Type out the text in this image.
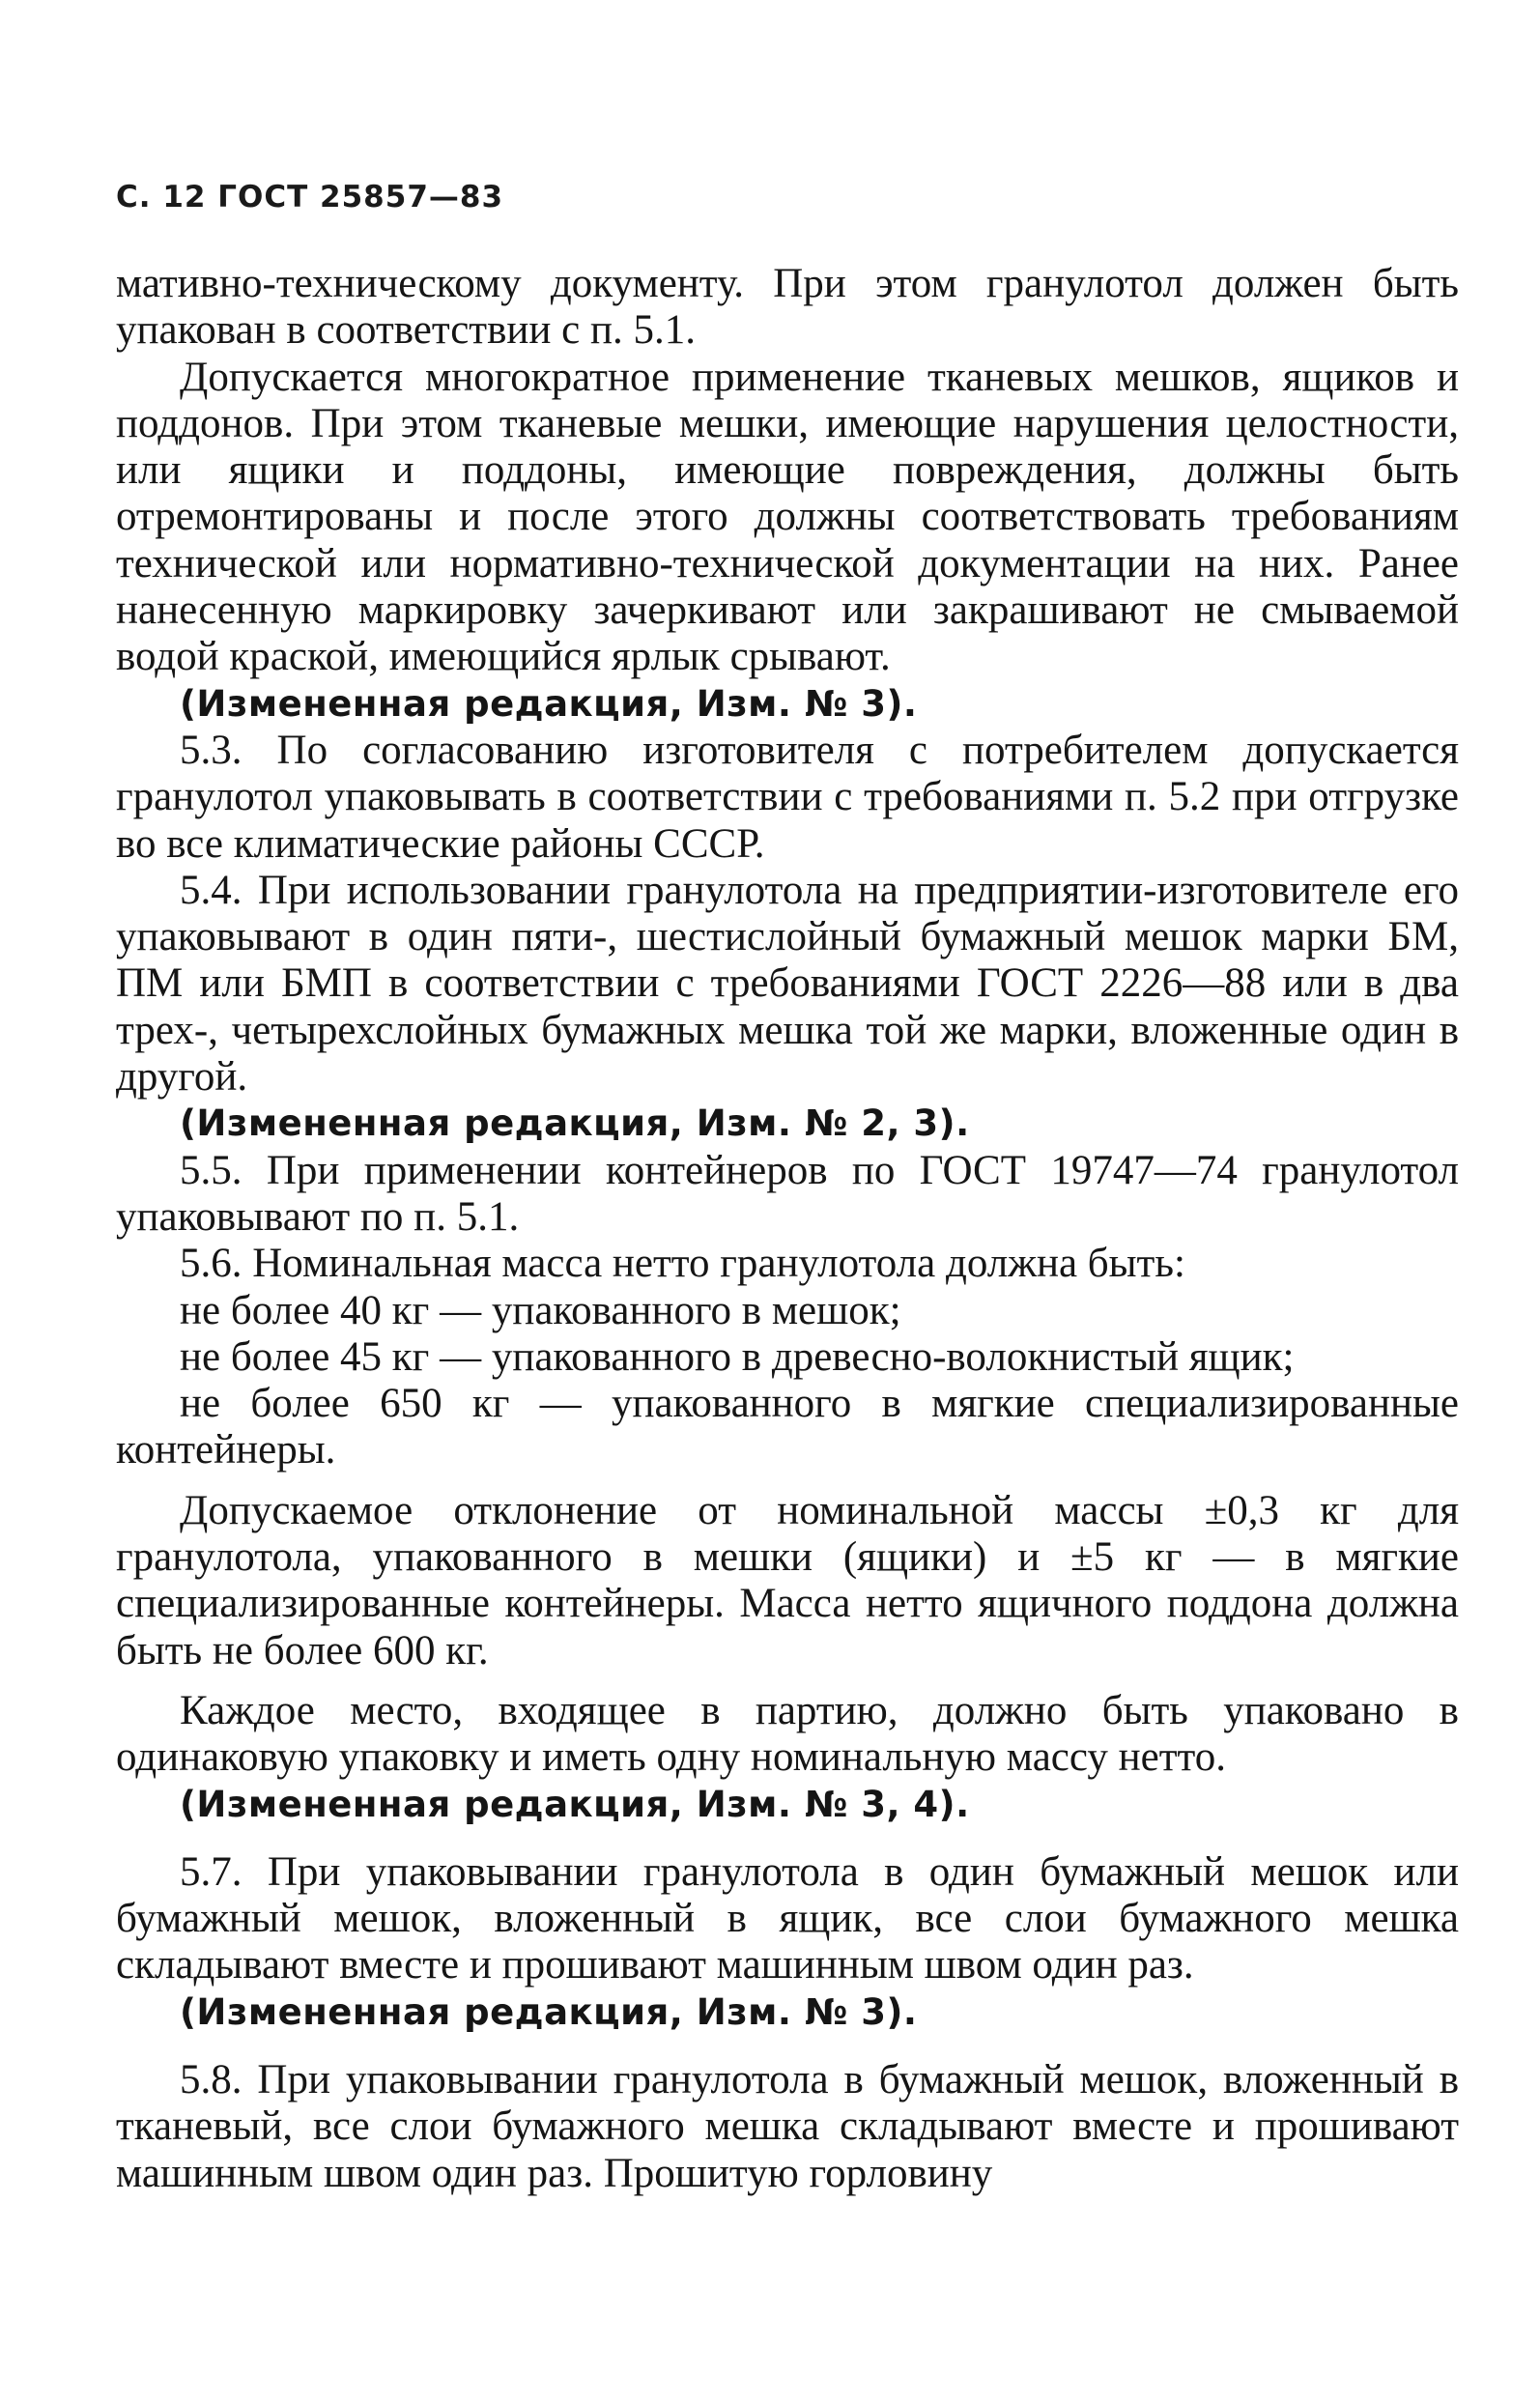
С. 12 ГОСТ 25857—83

мативно-техническому документу. При этом гранулотол должен быть упакован в соответствии с п. 5.1.

Допускается многократное применение тканевых мешков, ящиков и поддонов. При этом тканевые мешки, имеющие нарушения целостности, или ящики и поддоны, имеющие повреждения, должны быть отремонтированы и после этого должны соответствовать требованиям технической или нормативно-технической документации на них. Ранее нанесенную маркировку зачеркивают или закрашивают не смываемой водой краской, имеющийся ярлык срывают.

(Измененная редакция, Изм. № 3).

5.3. По согласованию изготовителя с потребителем допускается гранулотол упаковывать в соответствии с требованиями п. 5.2 при отгрузке во все климатические районы СССР.

5.4. При использовании гранулотола на предприятии-изготовителе его упаковывают в один пяти-, шестислойный бумажный мешок марки БМ, ПМ или БМП в соответствии с требованиями ГОСТ 2226—88 или в два трех-, четырехслойных бумажных мешка той же марки, вложенные один в другой.

(Измененная редакция, Изм. № 2, 3).

5.5. При применении контейнеров по ГОСТ 19747—74 гранулотол упаковывают по п. 5.1.

5.6. Номинальная масса нетто гранулотола должна быть:

не более 40 кг — упакованного в мешок;

не более 45 кг — упакованного в древесно-волокнистый ящик;

не более 650 кг — упакованного в мягкие специализированные контейнеры.

Допускаемое отклонение от номинальной массы ±0,3 кг для гранулотола, упакованного в мешки (ящики) и ±5 кг — в мягкие специализированные контейнеры. Масса нетто ящичного поддона должна быть не более 600 кг.

Каждое место, входящее в партию, должно быть упаковано в одинаковую упаковку и иметь одну номинальную массу нетто.

(Измененная редакция, Изм. № 3, 4).

5.7. При упаковывании гранулотола в один бумажный мешок или бумажный мешок, вложенный в ящик, все слои бумажного мешка складывают вместе и прошивают машинным швом один раз.

(Измененная редакция, Изм. № 3).

5.8. При упаковывании гранулотола в бумажный мешок, вложенный в тканевый, все слои бумажного мешка складывают вместе и прошивают машинным швом один раз. Прошитую горловину
